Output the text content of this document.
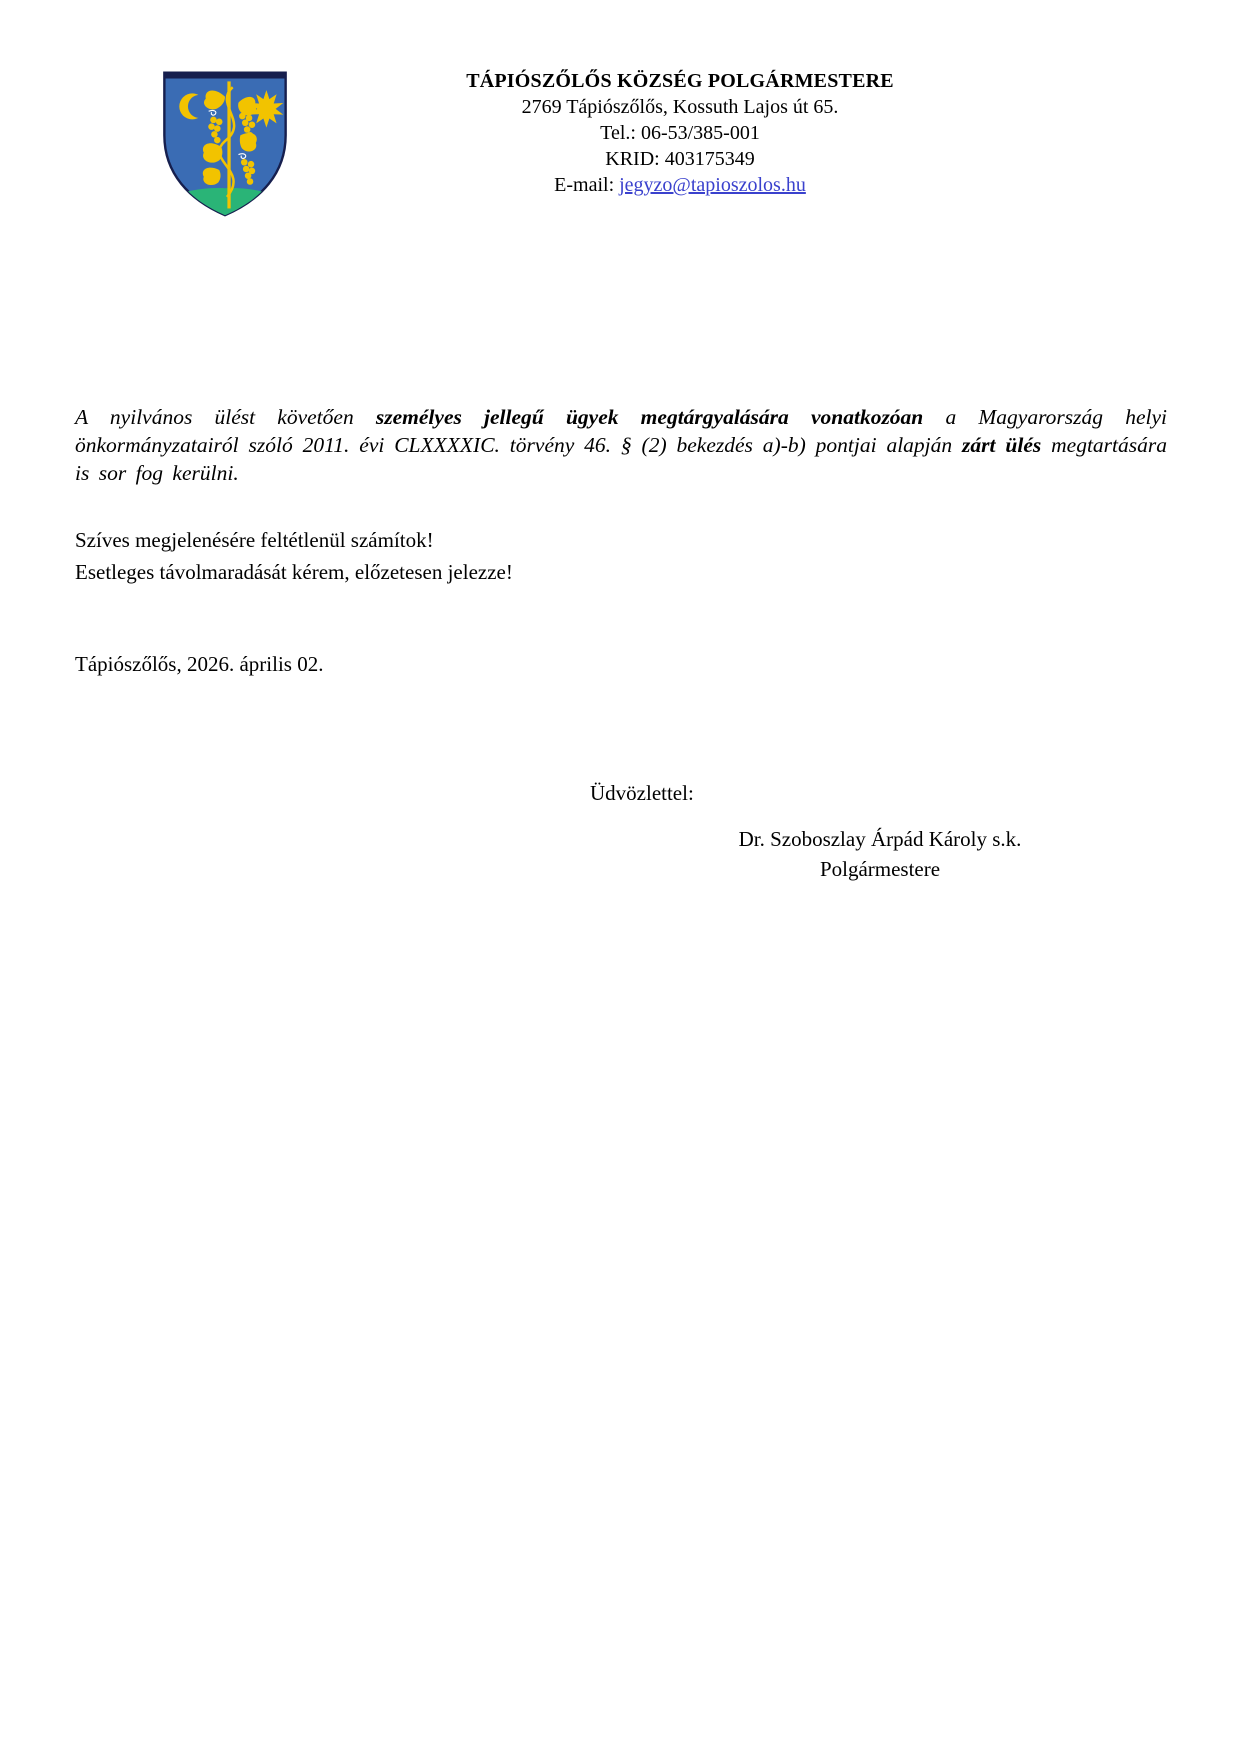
TÁPIÓSZŐLŐS KÖZSÉG POLGÁRMESTERE
2769 Tápiószőlős, Kossuth Lajos út 65.
Tel.: 06-53/385-001
KRID: 403175349
E-mail: jegyzo@tapioszolos.hu

A nyilvános ülést követően személyes jellegű ügyek megtárgyalására vonatkozóan a Magyarország helyi önkormányzatairól szóló 2011. évi CLXXXXIC. törvény 46. § (2) bekezdés a)-b) pontjai alapján zárt ülés megtartására is sor fog kerülni.

Szíves megjelenésére feltétlenül számítok!
Esetleges távolmaradását kérem, előzetesen jelezze!
Tápiószőlős, 2026. április 02.
Üdvözlettel:
Dr. Szoboszlay Árpád Károly s.k.
Polgármestere
